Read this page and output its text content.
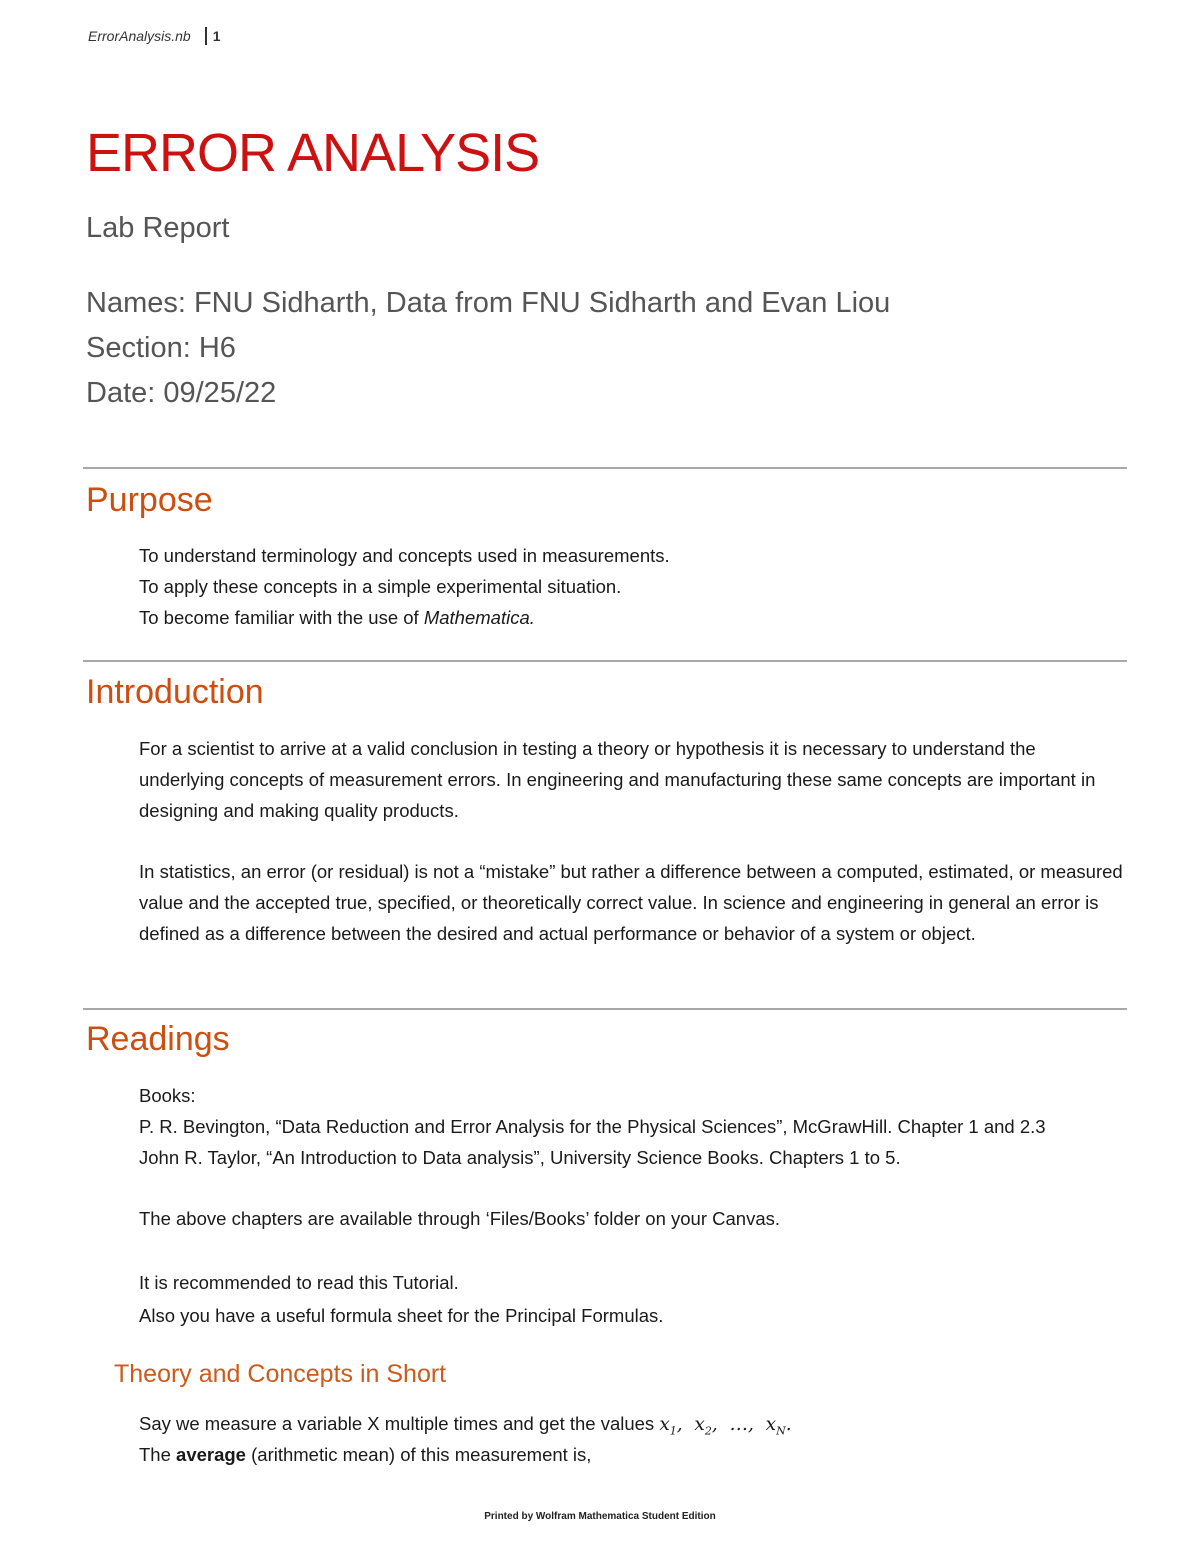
ErrorAnalysis.nb 1
ERROR ANALYSIS
Lab Report
Names: FNU Sidharth, Data from FNU Sidharth and Evan Liou
Section: H6
Date: 09/25/22
Purpose
To understand terminology and concepts used in measurements.
To apply these concepts in a simple experimental situation.
To become familiar with the use of Mathematica.
Introduction
For a scientist to arrive at a valid conclusion in testing a theory or hypothesis it is necessary to understand the underlying concepts of measurement errors. In engineering and manufacturing these same concepts are important in designing and making quality products.
In statistics, an error (or residual) is not a “mistake” but rather a difference between a computed, estimated, or measured value and the accepted true, specified, or theoretically correct value. In science and engineering in general an error is defined as a difference between the desired and actual performance or behavior of a system or object.
Readings
Books:
P. R. Bevington, “Data Reduction and Error Analysis for the Physical Sciences”, McGrawHill. Chapter 1 and 2.3
John R. Taylor, “An Introduction to Data analysis”, University Science Books. Chapters 1 to 5.
The above chapters are available through ‘Files/Books’ folder on your Canvas.
It is recommended to read this Tutorial.
Also you have a useful formula sheet for the Principal Formulas.
Theory and Concepts in Short
Say we measure a variable X multiple times and get the values $x_1$,  $x_2$,  …,  $x_N$.
The average (arithmetic mean) of this measurement is,
Printed by Wolfram Mathematica Student Edition
